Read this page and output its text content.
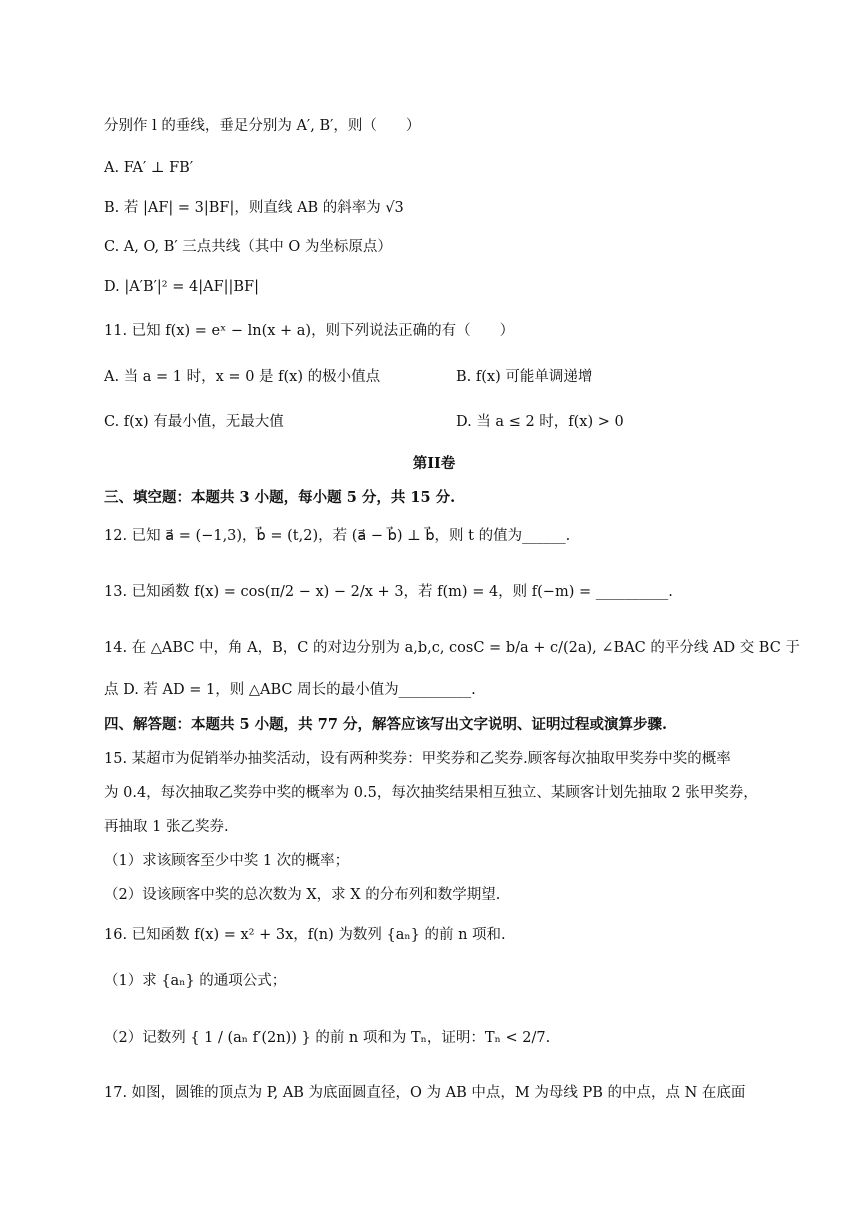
分别作 l 的垂线，垂足分别为 A′, B′，则（　　）
A. FA′ ⊥ FB′
B. 若 |AF| = 3|BF|，则直线 AB 的斜率为 √3
C. A, O, B′ 三点共线（其中 O 为坐标原点）
D. |A′B′|² = 4|AF||BF|
11. 已知 f(x) = eˣ − ln(x + a)，则下列说法正确的有（　　）
A. 当 a = 1 时，x = 0 是 f(x) 的极小值点	B. f(x) 可能单调递增
C. f(x) 有最小值，无最大值	D. 当 a ≤ 2 时，f(x) > 0
第II卷
三、填空题：本题共 3 小题，每小题 5 分，共 15 分.
12. 已知 a⃗ = (−1,3)，b⃗ = (t,2)，若 (a⃗ − b⃗) ⊥ b⃗，则 t 的值为______.
13. 已知函数 f(x) = cos(π/2 − x) − 2/x + 3，若 f(m) = 4，则 f(−m) = __________.
14. 在 △ABC 中，角 A，B，C 的对边分别为 a,b,c, cosC = b/a + c/(2a), ∠BAC 的平分线 AD 交 BC 于
点 D. 若 AD = 1，则 △ABC 周长的最小值为__________.
四、解答题：本题共 5 小题，共 77 分，解答应该写出文字说明、证明过程或演算步骤.
15. 某超市为促销举办抽奖活动，设有两种奖券：甲奖券和乙奖券.顾客每次抽取甲奖券中奖的概率
为 0.4，每次抽取乙奖券中奖的概率为 0.5，每次抽奖结果相互独立、某顾客计划先抽取 2 张甲奖券，
再抽取 1 张乙奖券.
（1）求该顾客至少中奖 1 次的概率；
（2）设该顾客中奖的总次数为 X，求 X 的分布列和数学期望.
16. 已知函数 f(x) = x² + 3x，f(n) 为数列 {aₙ} 的前 n 项和.
（1）求 {aₙ} 的通项公式；
（2）记数列 { 1 / (aₙ f′(2n)) } 的前 n 项和为 Tₙ，证明：Tₙ < 2/7.
17. 如图，圆锥的顶点为 P, AB 为底面圆直径，O 为 AB 中点，M 为母线 PB 的中点，点 N 在底面
